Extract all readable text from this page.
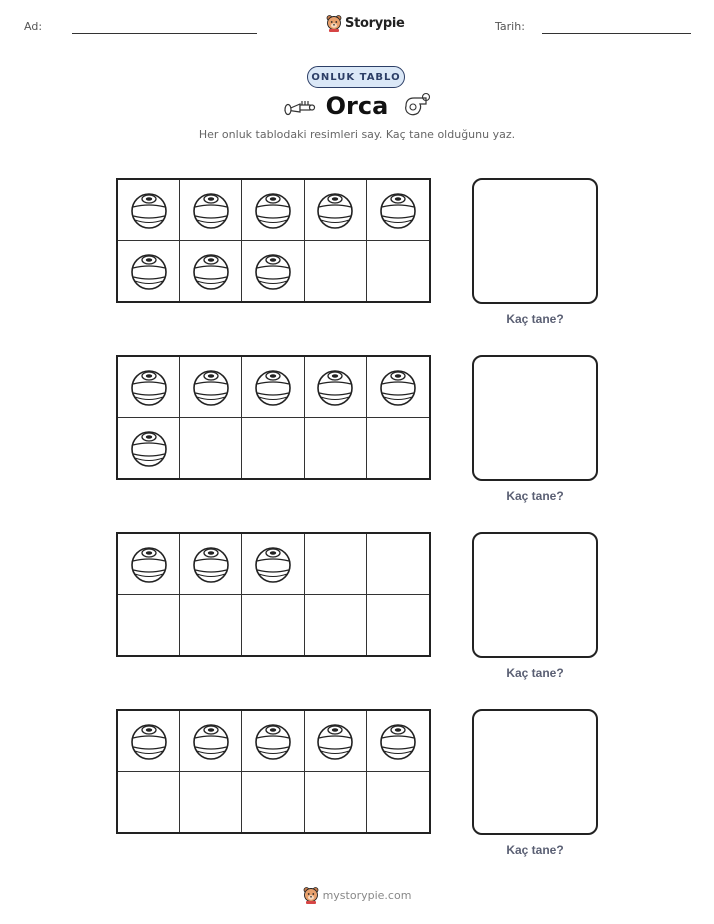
Ad:	Storypie	Tarih:
ONLUK TABLO
Orca
Her onluk tablodaki resimleri say. Kaç tane olduğunu yaz.
Kaç tane?
Kaç tane?
Kaç tane?
Kaç tane?
mystorypie.com
